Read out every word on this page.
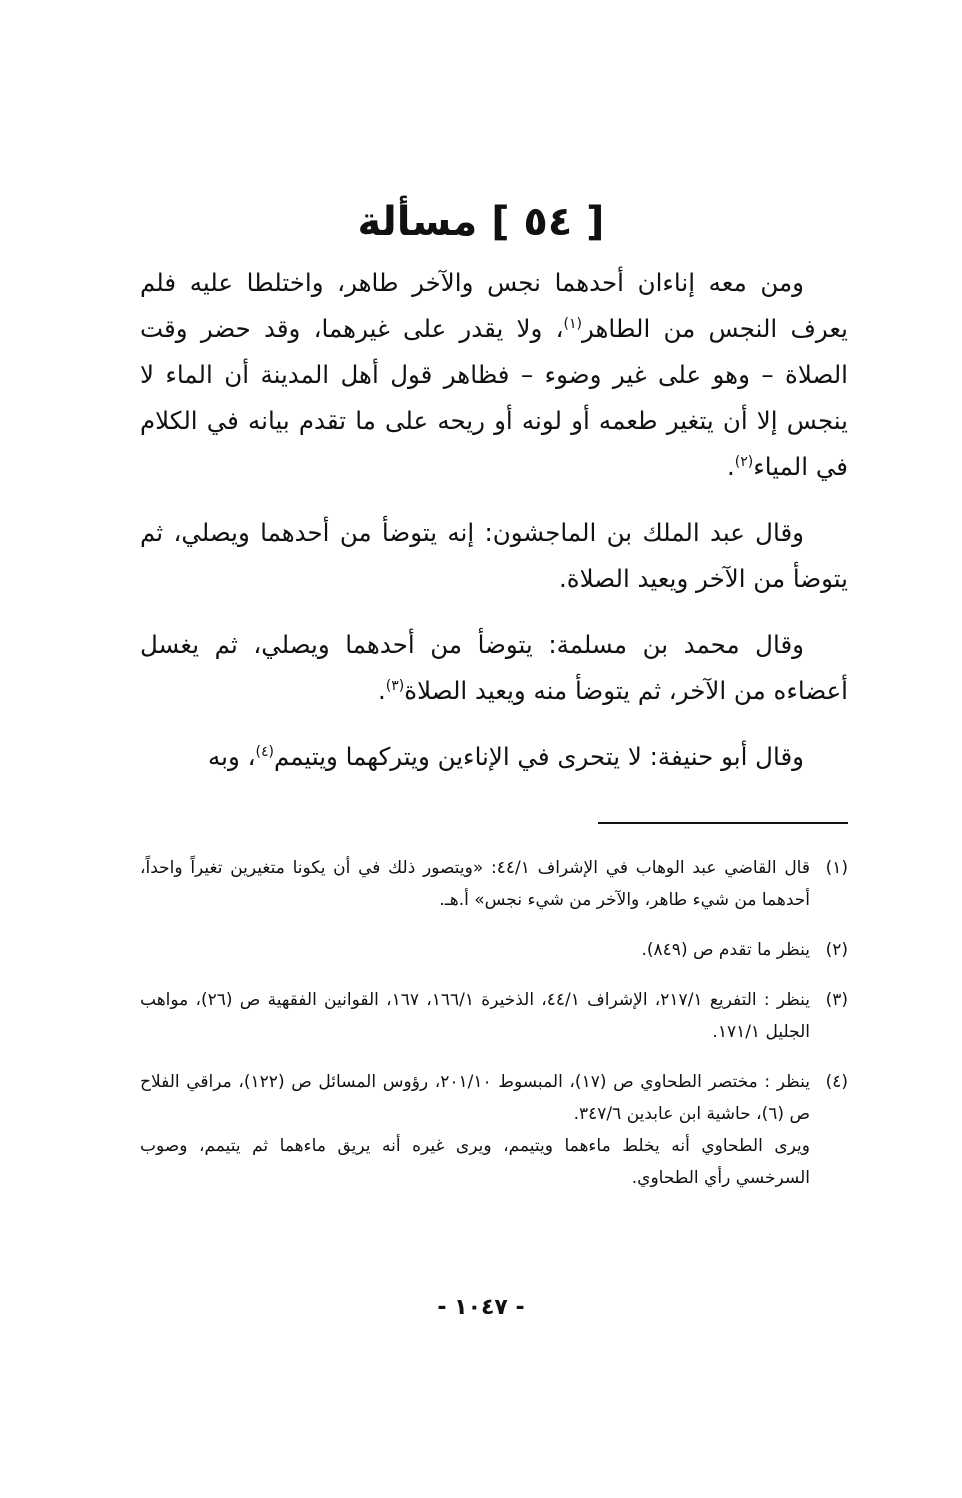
[ ٥٤ ] مسألة

ومن معه إناءان أحدهما نجس والآخر طاهر، واختلطا عليه فلم يعرف النجس من الطاهر$^{(١)}$، ولا يقدر على غيرهما، وقد حضر وقت الصلاة – وهو على غير وضوء – فظاهر قول أهل المدينة أن الماء لا ينجس إلا أن يتغير طعمه أو لونه أو ريحه على ما تقدم بيانه في الكلام في المياء$^{(٢)}$.

وقال عبد الملك بن الماجشون: إنه يتوضأ من أحدهما ويصلي، ثم يتوضأ من الآخر ويعيد الصلاة.

وقال محمد بن مسلمة: يتوضأ من أحدهما ويصلي، ثم يغسل أعضاءه من الآخر، ثم يتوضأ منه ويعيد الصلاة$^{(٣)}$.

وقال أبو حنيفة: لا يتحرى في الإناءين ويتركهما ويتيمم$^{(٤)}$، وبه

(١)
قال القاضي عبد الوهاب في الإشراف ٤٤/١: «ويتصور ذلك في أن يكونا متغيرين تغيراً واحداً، أحدهما من شيء طاهر، والآخر من شيء نجس» أ.هـ.
(٢)
ينظر ما تقدم ص (٨٤٩).
(٣)
ينظر : التفريع ٢١٧/١، الإشراف ٤٤/١، الذخيرة ١٦٦/١، ١٦٧، القوانين الفقهية ص (٢٦)، مواهب الجليل ١٧١/١.
(٤)
ينظر : مختصر الطحاوي ص (١٧)، المبسوط ٢٠١/١٠، رؤوس المسائل ص (١٢٢)، مراقي الفلاح ص (٦)، حاشية ابن عابدين ٣٤٧/٦.
ويرى الطحاوي أنه يخلط ماءهما ويتيمم، ويرى غيره أنه يريق ماءهما ثم يتيمم، وصوب السرخسي رأي الطحاوي.
- ١٠٤٧ -
